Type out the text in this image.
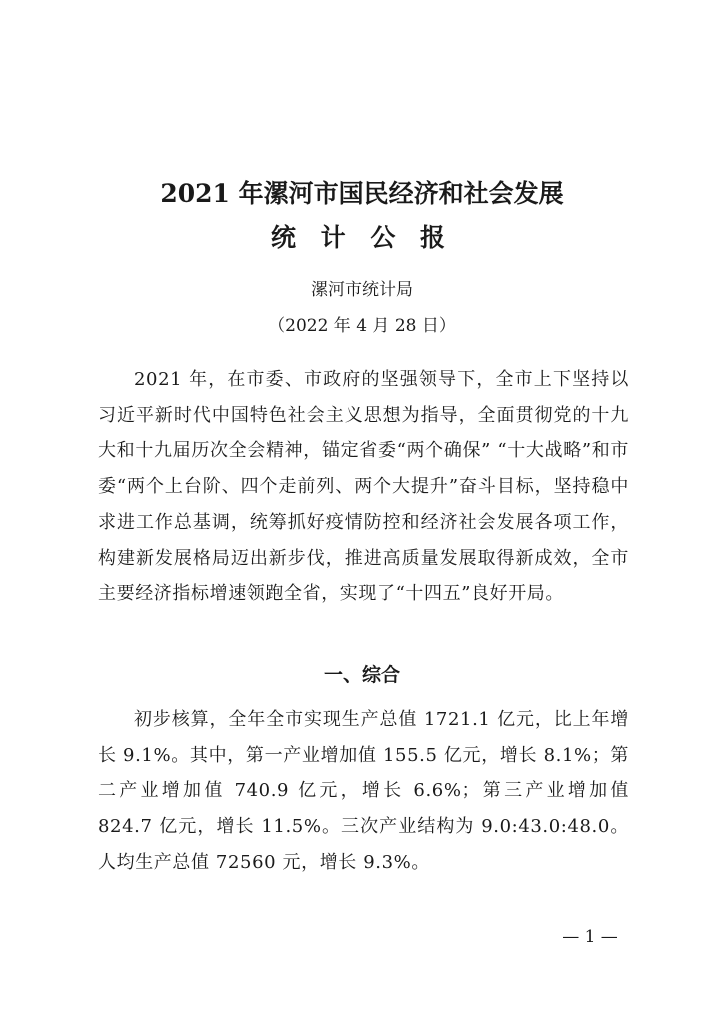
2021 年漯河市国民经济和社会发展
统 计 公 报
漯河市统计局
（2022 年 4 月 28 日）

2021 年，在市委、市政府的坚强领导下，全市上下坚持以习近平新时代中国特色社会主义思想为指导，全面贯彻党的十九大和十九届历次全会精神，锚定省委“两个确保” “十大战略”和市委“两个上台阶、四个走前列、两个大提升”奋斗目标，坚持稳中求进工作总基调，统筹抓好疫情防控和经济社会发展各项工作，构建新发展格局迈出新步伐，推进高质量发展取得新成效，全市主要经济指标增速领跑全省，实现了“十四五”良好开局。

一、综合

初步核算，全年全市实现生产总值 1721.1 亿元，比上年增长 9.1%。其中，第一产业增加值 155.5 亿元，增长 8.1%；第二产业增加值 740.9 亿元，增长 6.6%；第三产业增加值 824.7 亿元，增长 11.5%。三次产业结构为 9.0:43.0:48.0。人均生产总值 72560 元，增长 9.3%。

— 1 —
